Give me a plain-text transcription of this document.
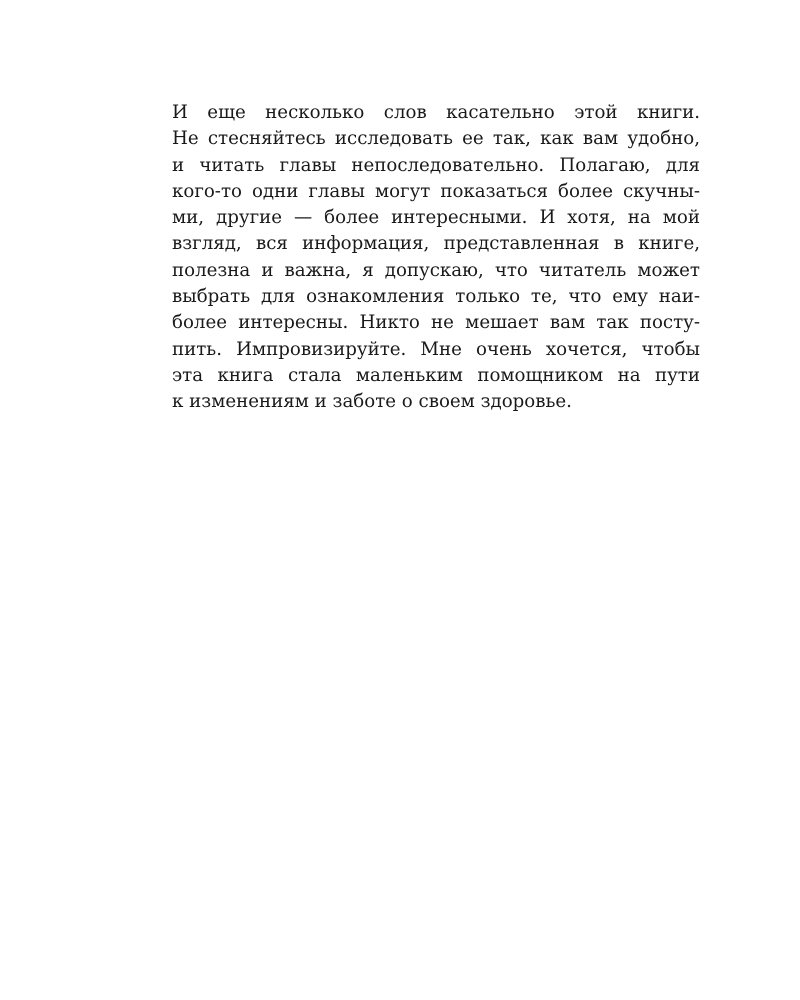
И еще несколько слов касательно этой книги.
Не стесняйтесь исследовать ее так, как вам удобно,
и читать главы непоследовательно. Полагаю, для
кого-то одни главы могут показаться более скучны-
ми, другие — более интересными. И хотя, на мой
взгляд, вся информация, представленная в книге,
полезна и важна, я допускаю, что читатель может
выбрать для ознакомления только те, что ему наи-
более интересны. Никто не мешает вам так посту-
пить. Импровизируйте. Мне очень хочется, чтобы
эта книга стала маленьким помощником на пути
к изменениям и заботе о своем здоровье.
